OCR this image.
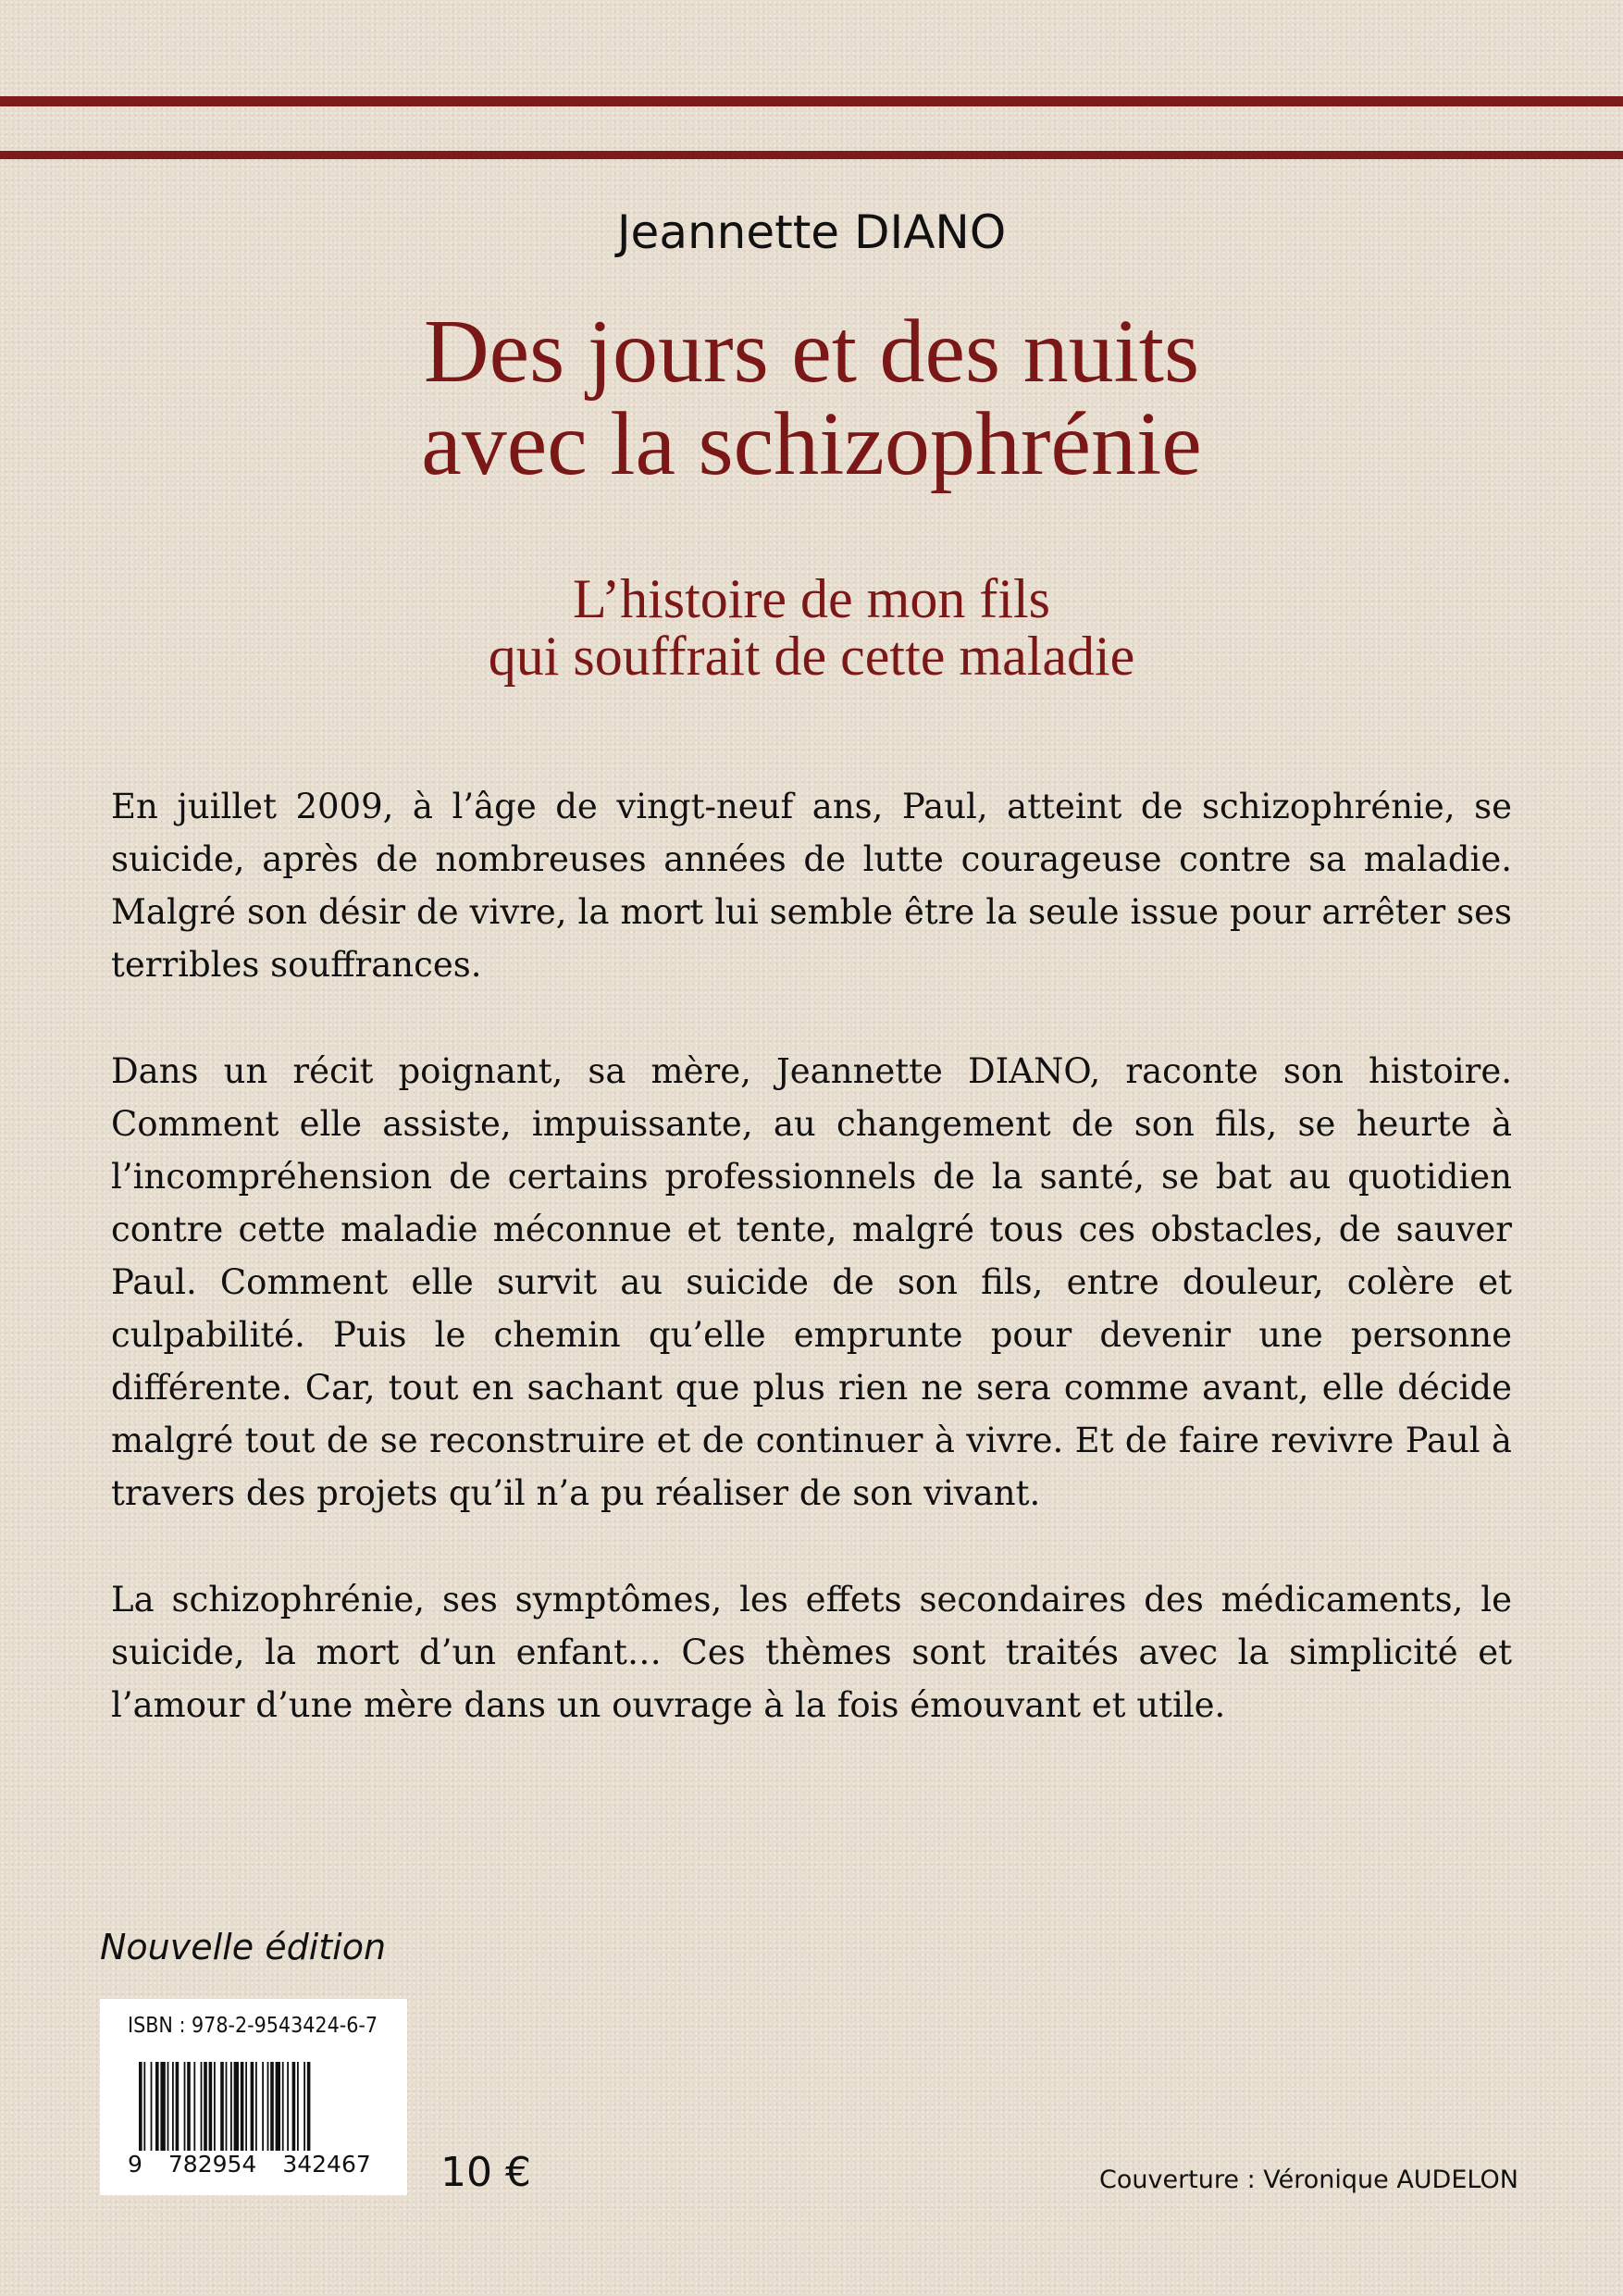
Jeannette DIANO
Des jours et des nuits
avec la schizophrénie
L’histoire de mon fils
qui souffrait de cette maladie

En juillet 2009, à l’âge de vingt-neuf ans, Paul, atteint de schizophrénie, se suicide, après de nombreuses années de lutte courageuse contre sa maladie. Malgré son désir de vivre, la mort lui semble être la seule issue pour arrêter ses terribles souffrances.

Dans un récit poignant, sa mère, Jeannette DIANO, raconte son histoire. Comment elle assiste, impuissante, au changement de son fils, se heurte à l’incompréhension de certains professionnels de la santé, se bat au quotidien contre cette maladie méconnue et tente, malgré tous ces obstacles, de sauver Paul. Comment elle survit au suicide de son fils, entre douleur, colère et culpabilité. Puis le chemin qu’elle emprunte pour devenir une personne différente. Car, tout en sachant que plus rien ne sera comme avant, elle décide malgré tout de se reconstruire et de continuer à vivre. Et de faire revivre Paul à travers des projets qu’il n’a pu réaliser de son vivant.

La schizophrénie, ses symptômes, les effets secondaires des médicaments, le suicide, la mort d’un enfant… Ces thèmes sont traités avec la simplicité et l’amour d’une mère dans un ouvrage à la fois émouvant et utile.

Nouvelle édition
ISBN : 978-2-9543424-6-7
9 782954 342467 10 €	Couverture : Véronique AUDELON
